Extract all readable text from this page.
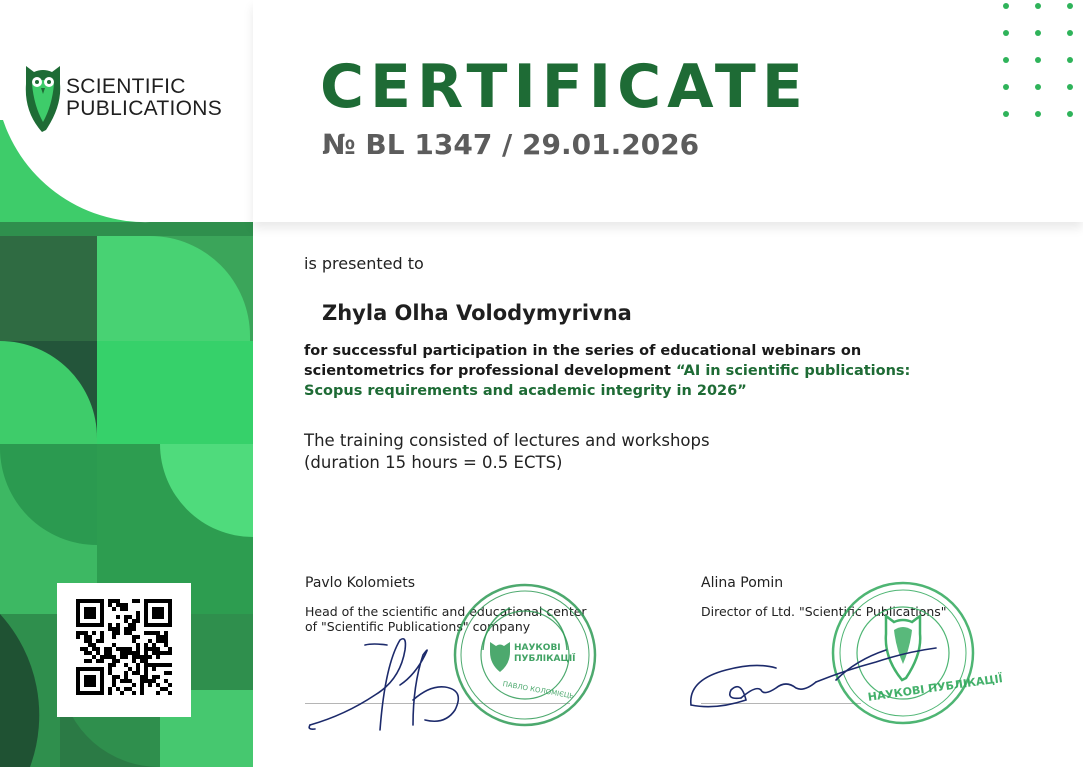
SCIENTIFIC
PUBLICATIONS CERTIFICATE
№ BL 1347 / 29.01.2026
is presented to
Zhyla Olha Volodymyrivna
for successful participation in the series of educational webinars on scientometrics for professional development “AI in scientific publications: Scopus requirements and academic integrity in 2026”
The training consisted of lectures and workshops
(duration 15 hours = 0.5 ECTS)
Pavlo Kolomiets
Head of the scientific and educational center
of "Scientific Publications" company
Alina Pomin
Director of Ltd. "Scientific Publications"
НАУКОВІ
ПУБЛІКАЦІЇ
ПАВЛО КОЛОМІЄЦЬ	НАУКОВІ ПУБЛІКАЦІЇ
